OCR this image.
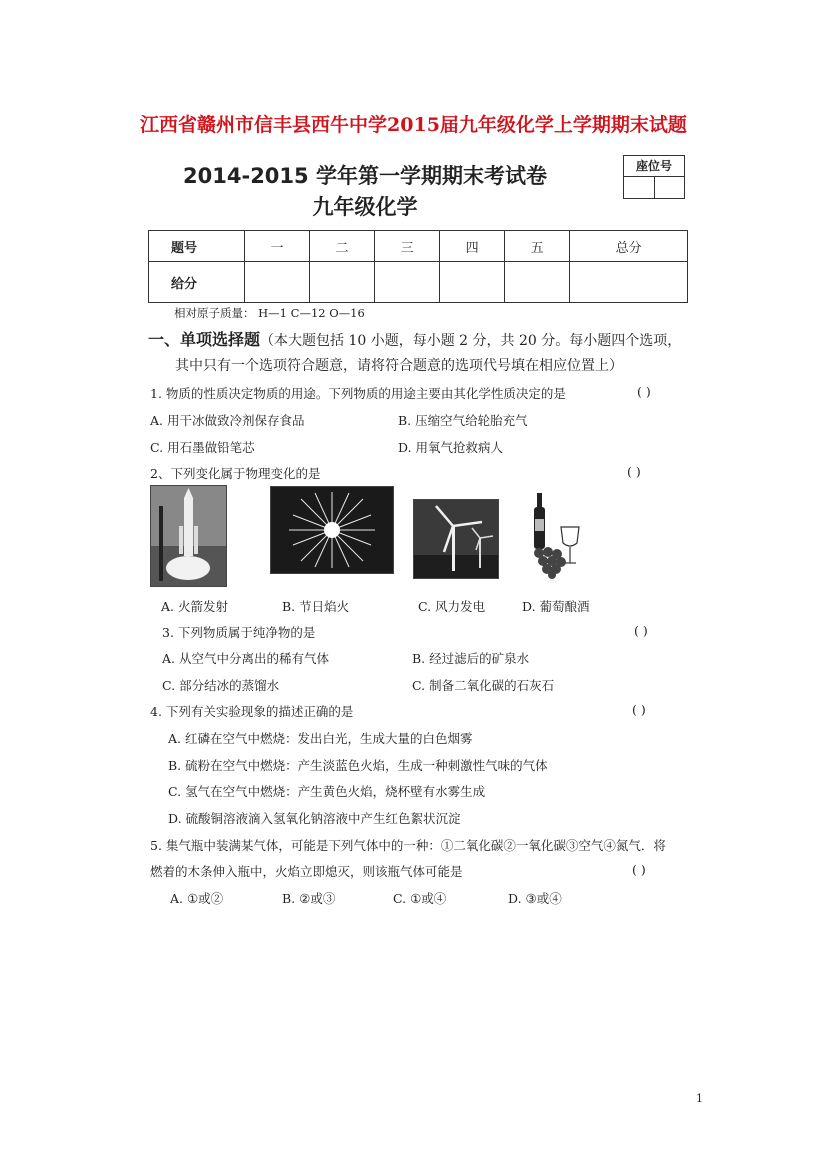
江西省赣州市信丰县西牛中学2015届九年级化学上学期期末试题
2014-2015 学年第一学期期末考试卷
九年级化学
座位号
题号	一	二	三	四	五	总分
给分						
相对原子质量： H—1 C—12 O—16
一、单项选择题（本大题包括 10 小题，每小题 2 分，共 20 分。每小题四个选项，
其中只有一个选项符合题意，请将符合题意的选项代号填在相应位置上）
1. 物质的性质决定物质的用途。下列物质的用途主要由其化学性质决定的是	( )
A. 用干冰做致冷剂保存食品	B. 压缩空气给轮胎充气
C. 用石墨做铅笔芯	D. 用氧气抢救病人
2、下列变化属于物理变化的是	( )
A. 火箭发射	B. 节日焰火	C. 风力发电	D. 葡萄酿酒
3. 下列物质属于纯净物的是	( )
A. 从空气中分离出的稀有气体	B. 经过滤后的矿泉水
C. 部分结冰的蒸馏水	C. 制备二氧化碳的石灰石
4. 下列有关实验现象的描述正确的是	( )
A. 红磷在空气中燃烧：发出白光，生成大量的白色烟雾
B. 硫粉在空气中燃烧：产生淡蓝色火焰，生成一种刺激性气味的气体
C. 氢气在空气中燃烧：产生黄色火焰，烧杯壁有水雾生成
D. 硫酸铜溶液滴入氢氧化钠溶液中产生红色絮状沉淀
5. 集气瓶中装满某气体，可能是下列气体中的一种：①二氧化碳②一氧化碳③空气④氮气．将
燃着的木条伸入瓶中，火焰立即熄灭，则该瓶气体可能是	( )
A. ①或②	B. ②或③	C. ①或④	D. ③或④
1
